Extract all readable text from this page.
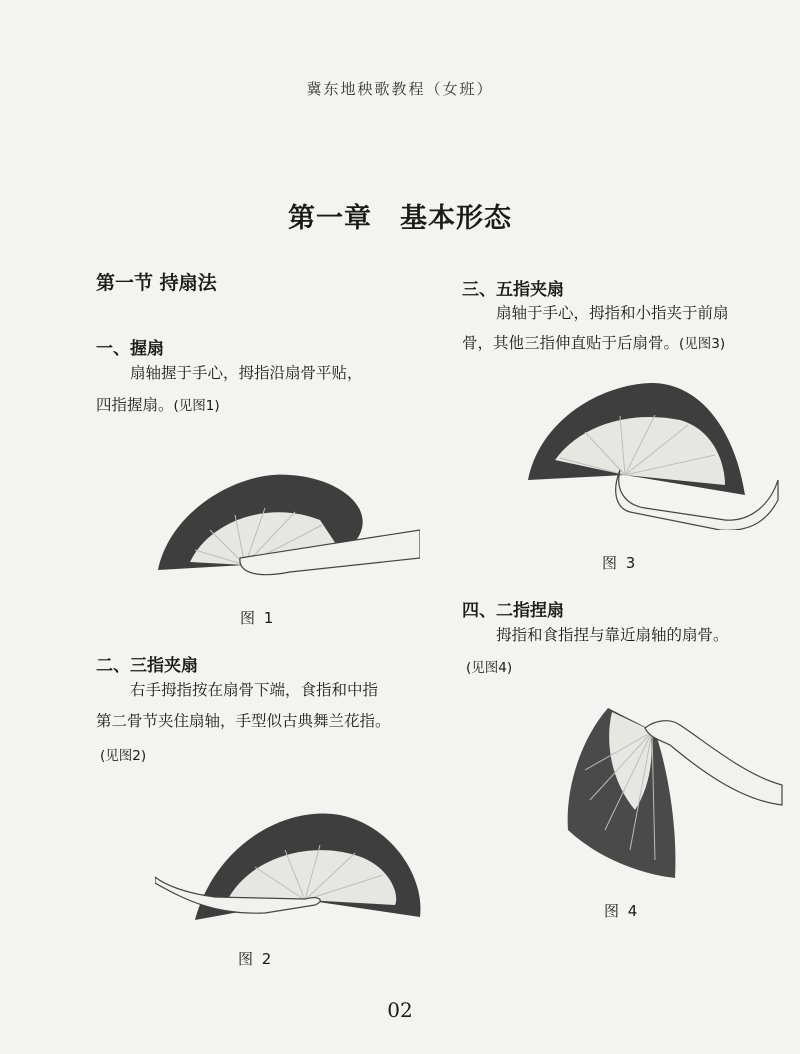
冀东地秧歌教程（女班）
第一章　基本形态
第一节 持扇法
一、握扇
扇轴握于手心，拇指沿扇骨平贴，
四指握扇。(见图1)
图 1
二、三指夹扇
右手拇指按在扇骨下端，食指和中指
第二骨节夹住扇轴，手型似古典舞兰花指。
(见图2)
图 2
三、五指夹扇
扇轴于手心，拇指和小指夹于前扇
骨，其他三指伸直贴于后扇骨。(见图3)
图 3
四、二指捏扇
拇指和食指捏与靠近扇轴的扇骨。
(见图4)
图 4
02
